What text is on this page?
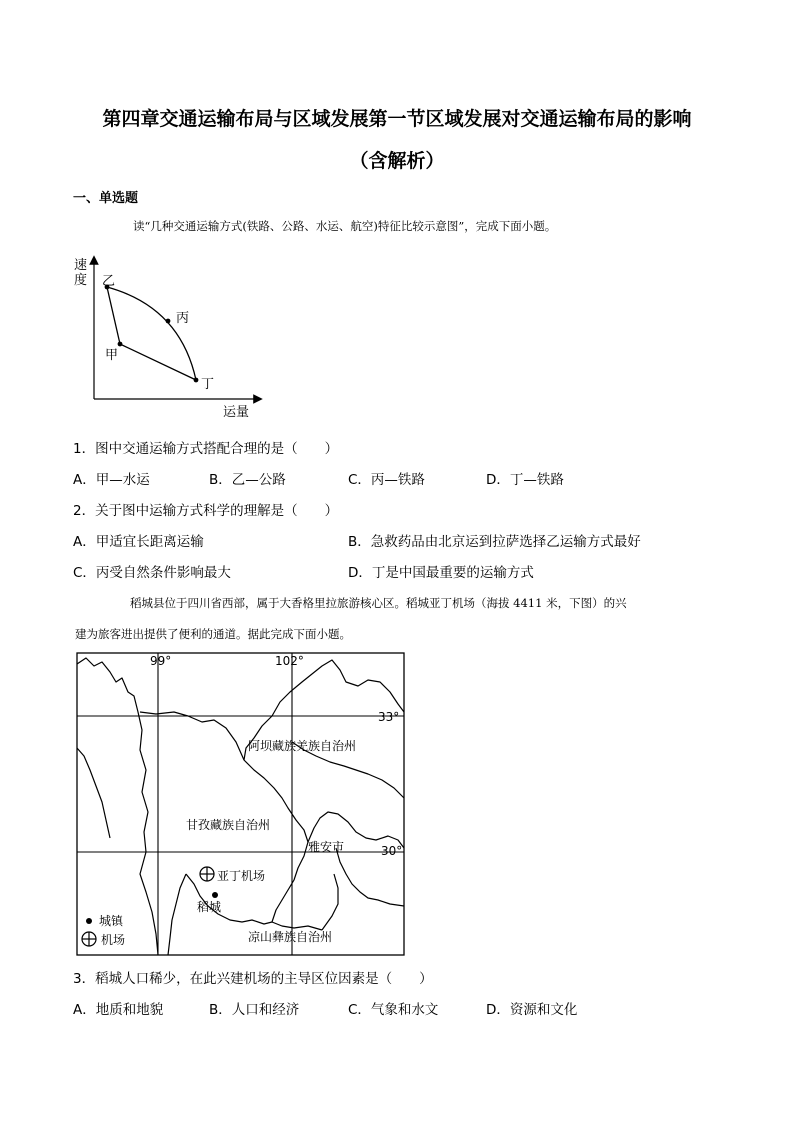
第四章交通运输布局与区域发展第一节区域发展对交通运输布局的影响
（含解析）
一、单选题
读“几种交通运输方式(铁路、公路、水运、航空)特征比较示意图”，完成下面小题。
速度
运量
乙
丙
甲
丁
1．图中交通运输方式搭配合理的是（　　）
A．甲—水运	B．乙—公路	C．丙—铁路	D．丁—铁路
2．关于图中运输方式科学的理解是（　　）
A．甲适宜长距离运输	B．急救药品由北京运到拉萨选择乙运输方式最好
C．丙受自然条件影响最大	D．丁是中国最重要的运输方式
稻城县位于四川省西部，属于大香格里拉旅游核心区。稻城亚丁机场（海拔 4411 米，下图）的兴
建为旅客进出提供了便利的通道。据此完成下面小题。
99°	102°
33°
30°
阿坝藏族羌族自治州
甘孜藏族自治州
雅安市
凉山彝族自治州
亚丁机场
稻城
城镇
机场
3．稻城人口稀少，在此兴建机场的主导区位因素是（　　）
A．地质和地貌	B．人口和经济	C．气象和水文	D．资源和文化
